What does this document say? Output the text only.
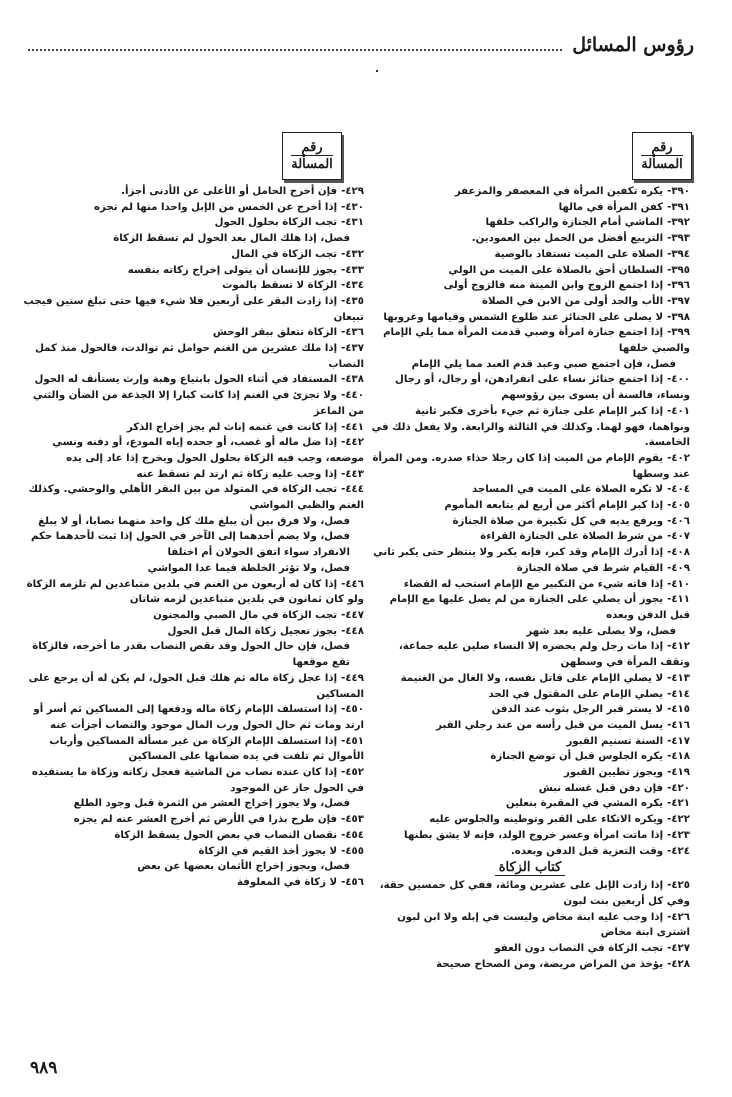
رؤوس المسائل
رقم
المسألة
٣٩٠-يكره تكفين المرأة في المعصفر والمزعفر
٣٩١-كفن المرأة في مالها
٣٩٢-الماشي أمام الجنازة والراكب خلفها
٣٩٣-التربيع أفضل من الحمل بين العمودين.
٣٩٤-الصلاة على الميت تستفاد بالوصية
٣٩٥-السلطان أحق بالصلاة على الميت من الولي
٣٩٦-إذا اجتمع الزوج وابن الميتة منه فالزوج أولى
٣٩٧-الأب والجد أولى من الابن في الصلاة
٣٩٨-لا يصلى على الجنائز عند طلوع الشمس وقيامها وغروبها
٣٩٩-إذا اجتمع جنازة امرأة وصبي قدمت المرأة مما يلي الإمام والصبي خلفها
فصل، فإن اجتمع صبي وعبد قدم العبد مما يلي الإمام
٤٠٠-إذا اجتمع جنائز نساء على انفرادهن، أو رجال، أو رجال ونساء، فالسنة أن يسوى بين رؤوسهم
٤٠١-إذا كبر الإمام على جنازة ثم جيء بأخرى فكبر ثانية ونواهما، فهو لهما. وكذلك في الثالثة والرابعة. ولا يفعل ذلك في الخامسة.
٤٠٢-يقوم الإمام من الميت إذا كان رجلا حذاء صدره. ومن المرأة عند وسطها
٤٠٤-لا تكره الصلاة على الميت في المساجد
٤٠٥-إذا كبر الإمام أكثر من أربع لم يتابعه المأموم
٤٠٦-ويرفع يديه في كل تكبيرة من صلاة الجنازة
٤٠٧-من شرط الصلاة على الجنازة القراءة
٤٠٨-إذا أدرك الإمام وقد كبر، فإنه يكبر ولا ينتظر حتى يكبر ثاني
٤٠٩-القيام شرط في صلاة الجنازة
٤١٠-إذا فاته شيء من التكبير مع الإمام استحب له القضاء
٤١١-يجوز أن يصلي على الجنازة من لم يصل عليها مع الإمام قبل الدفن وبعده
فصل، ولا يصلى عليه بعد شهر
٤١٢-إذا مات رجل ولم يحضره إلا النساء صلين عليه جماعة، وتقف المرأة في وسطهن
٤١٣-لا يصلي الإمام على قاتل نفسه، ولا الغال من الغنيمة
٤١٤-يصلي الإمام على المقتول في الحد
٤١٥-لا يستر قبر الرجل بثوب عند الدفن
٤١٦-يسل الميت من قبل رأسه من عند رجلي القبر
٤١٧-السنة تسنيم القبور
٤١٨-يكره الجلوس قبل أن توضع الجنازة
٤١٩-ويجوز تطيين القبور
٤٢٠-فإن دفن قبل غسله نبش
٤٢١-يكره المشي في المقبرة بنعلين
٤٢٢-ويكره الاتكاء على القبر وتوطينه والجلوس عليه
٤٢٣-إذا ماتت امرأة وعسر خروج الولد، فإنه لا يشق بطنها
٤٢٤-وقت التعزية قبل الدفن وبعده.
كتاب الزكاة
٤٢٥-إذا زادت الإبل على عشرين ومائة، ففي كل خمسين حقة، وفي كل أربعين بنت لبون
٤٢٦-إذا وجب عليه ابنة مخاض وليست في إبله ولا ابن لبون اشترى ابنة مخاض
٤٢٧-تجب الزكاة في النصاب دون العفو
٤٢٨-يؤخذ من المراض مريضة، ومن الصحاح صحيحة
رقم
المسألة
٤٢٩-فإن أخرج الحامل أو الأعلى عن الأدنى أجزأ.
٤٣٠-إذا أخرج عن الخمس من الإبل واحدا منها لم تجزه
٤٣١-تجب الزكاة بحلول الحول
فصل، إذا هلك المال بعد الحول لم تسقط الزكاة
٤٣٢-تجب الزكاة في المال
٤٣٣-يجوز للإنسان أن يتولى إخراج زكاته بنفسه
٤٣٤-الزكاة لا تسقط بالموت
٤٣٥-إذا زادت البقر على أربعين فلا شيء فيها حتى تبلغ ستين فيجب تبيعان
٤٣٦-الزكاة تتعلق ببقر الوحش
٤٣٧-إذا ملك عشرين من الغنم حوامل ثم توالدت، فالحول منذ كمل النصاب
٤٣٨-المستفاد في أثناء الحول بابتياع وهبة وإرث يستأنف له الحول
٤٤٠-ولا تجزئ في الغنم إذا كانت كبارا إلا الجذعة من الضأن والثني من الماعز
٤٤١-إذا كانت في غنمه إناث لم يجز إخراج الذكر
٤٤٢-إذا ضل ماله أو غصب، أو جحده إياه المودع، أو دفنه ونسي موضعه، وجب فيه الزكاة بحلول الحول ويخرج إذا عاد إلى يده
٤٤٣-إذا وجب عليه زكاة ثم ارتد لم تسقط عنه
٤٤٤-تجب الزكاة في المتولد من بين البقر الأهلي والوحشي. وكذلك الغنم والظبي المواشي
فصل، ولا فرق بين أن يبلغ ملك كل واحد منهما نصابا، أو لا يبلغ
فصل، ولا يضم أحدهما إلى الآخر في الحول إذا ثبت لأحدهما حكم الانفراد سواء اتفق الحولان أم اختلفا
فصل، ولا تؤثر الخلطة فيما عدا المواشي
٤٤٦-إذا كان له أربعون من الغنم في بلدين متباعدين لم تلزمه الزكاة ولو كان ثمانون في بلدين متباعدين لزمه شاتان
٤٤٧-تجب الزكاة في مال الصبي والمجنون
٤٤٨-يجوز تعجيل زكاة المال قبل الحول
فصل، فإن حال الحول وقد نقص النصاب بقدر ما أخرجه، فالزكاة تقع موقعها
٤٤٩-إذا عجل زكاة ماله ثم هلك قبل الحول، لم يكن له أن يرجع على المساكين
٤٥٠-إذا استسلف الإمام زكاة ماله ودفعها إلى المساكين ثم أسر أو ارتد ومات ثم حال الحول ورب المال موجود والنصاب أجزأت عنه
٤٥١-إذا استسلف الإمام الزكاة من غير مسألة المساكين وأرباب الأموال ثم تلفت في يده ضمانها على المساكين
٤٥٢-إذا كان عنده نصاب من الماشية فعجل زكاته وزكاة ما يستفيده في الحول جاز عن الموجود
فصل، ولا يجوز إخراج العشر من الثمرة قبل وجود الطلع
٤٥٣-فإن طرح بذرا في الأرض ثم أخرج العشر عنه لم يجزه
٤٥٤-نقصان النصاب في بعض الحول يسقط الزكاة
٤٥٥-لا يجوز أخذ القيم في الزكاة
فصل، ويجوز إخراج الأثمان بعضها عن بعض
٤٥٦-لا زكاة في المعلوفة
٩٨٩
